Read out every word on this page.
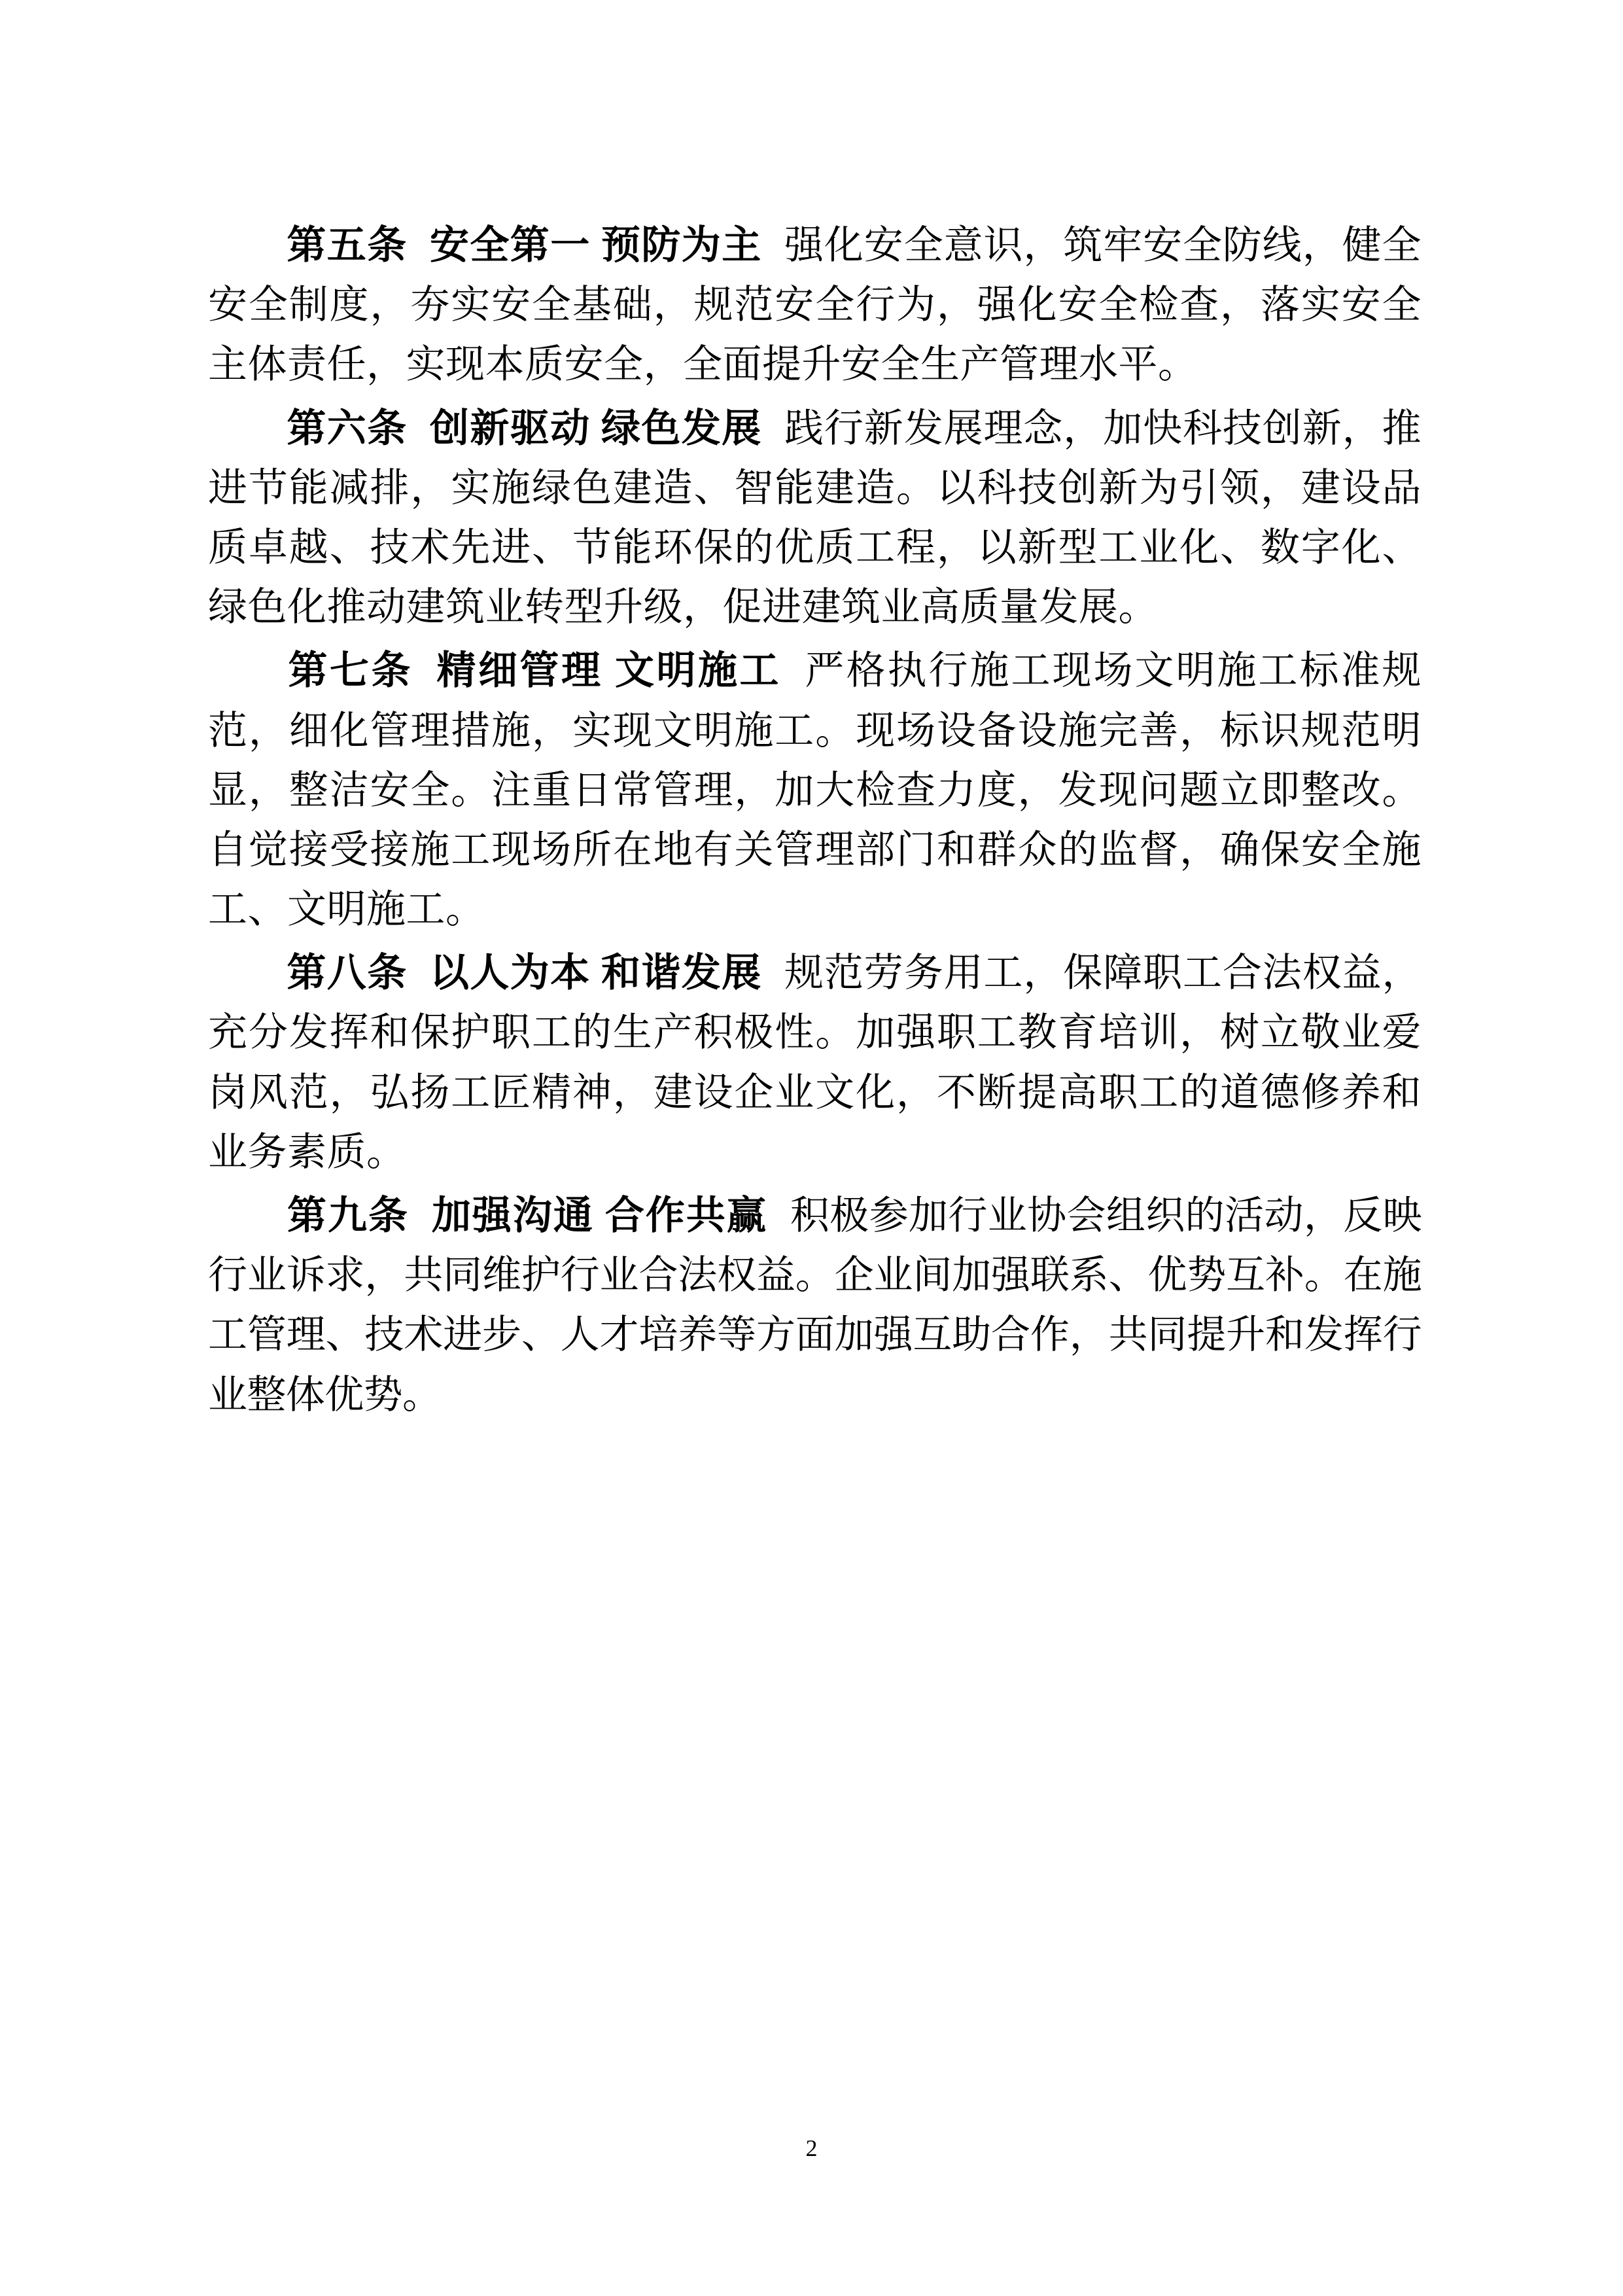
第五条 安全第一 预防为主 强化安全意识，筑牢安全防线，健全安全制度，夯实安全基础，规范安全行为，强化安全检查，落实安全主体责任，实现本质安全，全面提升安全生产管理水平。

第六条 创新驱动 绿色发展 践行新发展理念，加快科技创新，推进节能减排，实施绿色建造、智能建造。以科技创新为引领，建设品质卓越、技术先进、节能环保的优质工程，以新型工业化、数字化、绿色化推动建筑业转型升级，促进建筑业高质量发展。

第七条 精细管理 文明施工 严格执行施工现场文明施工标准规范，细化管理措施，实现文明施工。现场设备设施完善，标识规范明显，整洁安全。注重日常管理，加大检查力度，发现问题立即整改。自觉接受接施工现场所在地有关管理部门和群众的监督，确保安全施工、文明施工。

第八条 以人为本 和谐发展 规范劳务用工，保障职工合法权益，充分发挥和保护职工的生产积极性。加强职工教育培训，树立敬业爱岗风范，弘扬工匠精神，建设企业文化，不断提高职工的道德修养和业务素质。

第九条 加强沟通 合作共赢 积极参加行业协会组织的活动，反映行业诉求，共同维护行业合法权益。企业间加强联系、优势互补。在施工管理、技术进步、人才培养等方面加强互助合作，共同提升和发挥行业整体优势。

2
